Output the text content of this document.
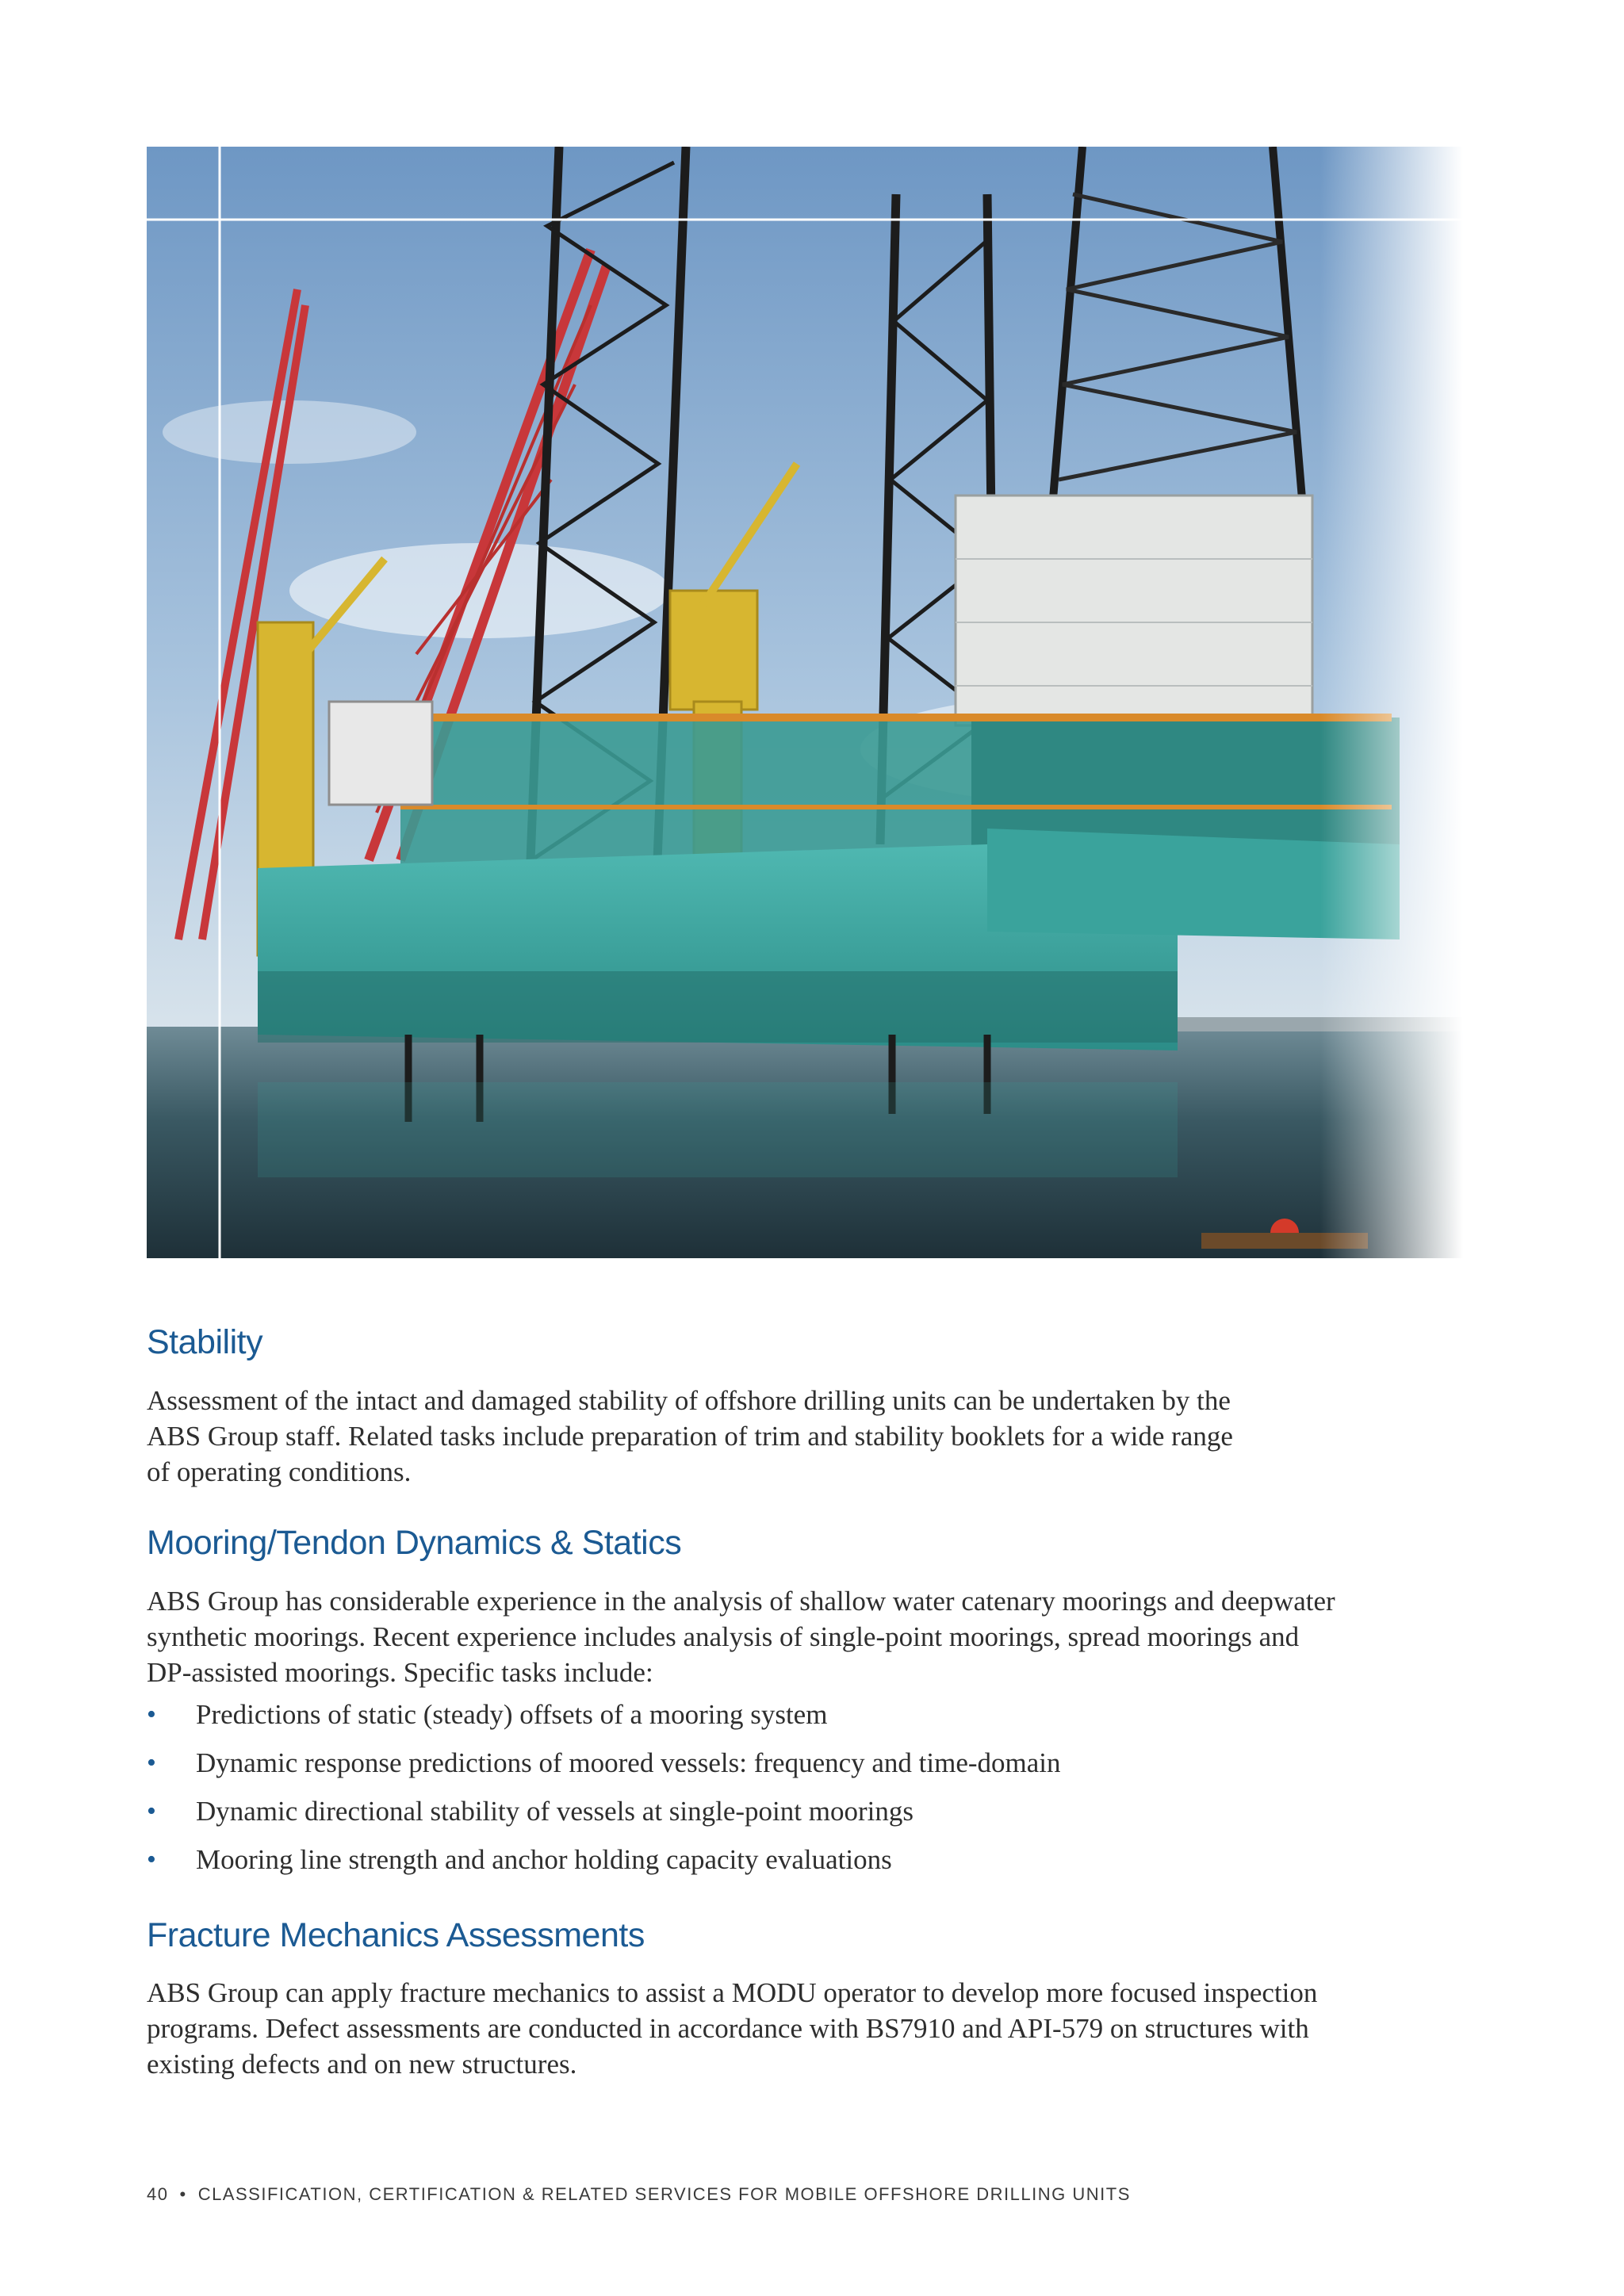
Stability
Assessment of the intact and damaged stability of offshore drilling units can be undertaken by the
ABS Group staff. Related tasks include preparation of trim and stability booklets for a wide range
of operating conditions.
Mooring/Tendon Dynamics & Statics
ABS Group has considerable experience in the analysis of shallow water catenary moorings and deepwater
synthetic moorings. Recent experience includes analysis of single-point moorings, spread moorings and
DP-assisted moorings. Specific tasks include:
• Predictions of static (steady) offsets of a mooring system
• Dynamic response predictions of moored vessels: frequency and time-domain
• Dynamic directional stability of vessels at single-point moorings
• Mooring line strength and anchor holding capacity evaluations
Fracture Mechanics Assessments
ABS Group can apply fracture mechanics to assist a MODU operator to develop more focused inspection
programs. Defect assessments are conducted in accordance with BS7910 and API-579 on structures with
existing defects and on new structures.
40 • CLASSIFICATION, CERTIFICATION & RELATED SERVICES FOR MOBILE OFFSHORE DRILLING UNITS
